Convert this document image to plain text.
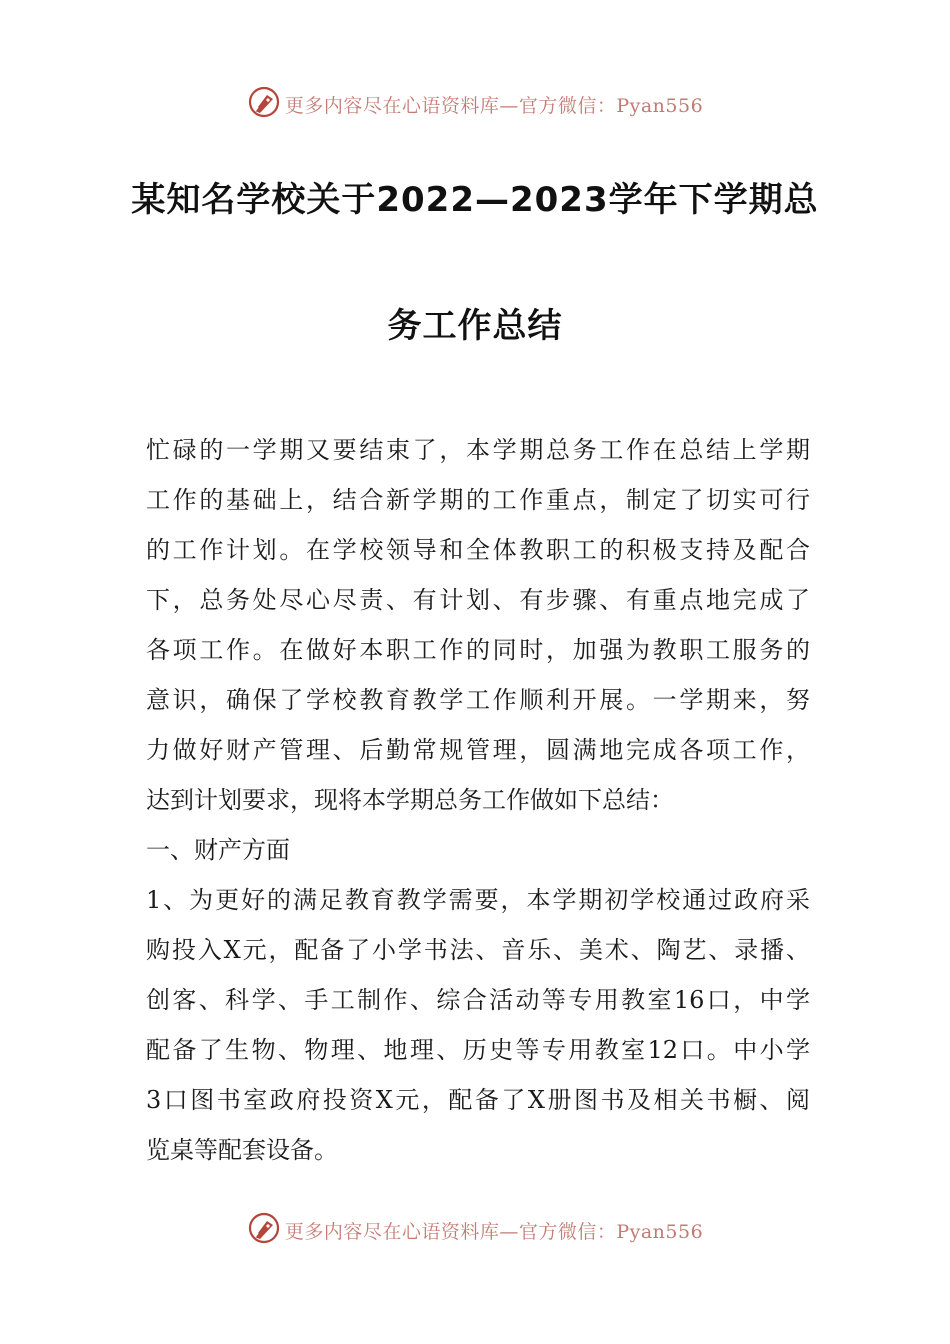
更多内容尽在心语资料库—官方微信：Pyan556
某知名学校关于2022—2023学年下学期总
务工作总结
忙碌的一学期又要结束了，本学期总务工作在总结上学期
工作的基础上，结合新学期的工作重点，制定了切实可行
的工作计划。在学校领导和全体教职工的积极支持及配合
下，总务处尽心尽责、有计划、有步骤、有重点地完成了
各项工作。在做好本职工作的同时，加强为教职工服务的
意识，确保了学校教育教学工作顺利开展。一学期来，努
力做好财产管理、后勤常规管理，圆满地完成各项工作，
达到计划要求，现将本学期总务工作做如下总结：
一、财产方面
1、为更好的满足教育教学需要，本学期初学校通过政府采
购投入X元，配备了小学书法、音乐、美术、陶艺、录播、
创客、科学、手工制作、综合活动等专用教室16口，中学
配备了生物、物理、地理、历史等专用教室12口。中小学
3口图书室政府投资X元，配备了X册图书及相关书橱、阅
览桌等配套设备。
更多内容尽在心语资料库—官方微信：Pyan556
